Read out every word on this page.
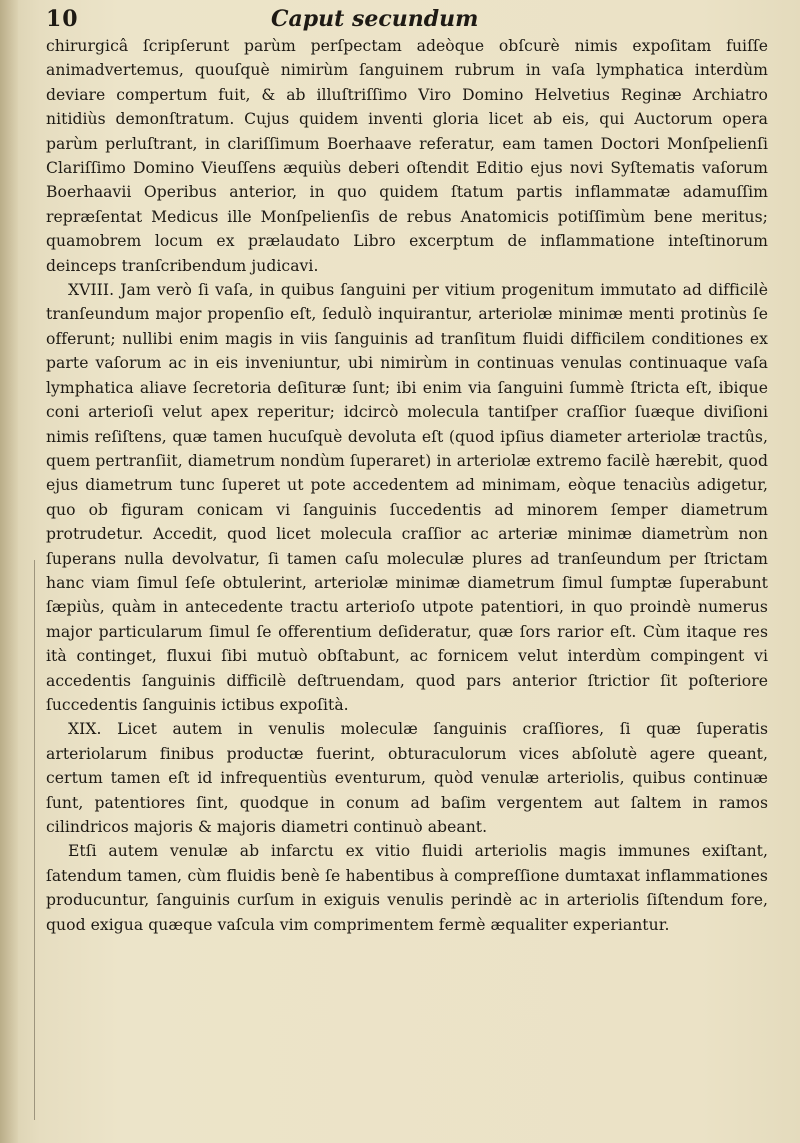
10	Caput secundum

chirurgicâ ſcripſerunt parùm perſpectam adeòque obſcurè nimis expoſitam fuiſſe animadvertemus, quouſquè nimirùm ſanguinem rubrum in vaſa lymphatica interdùm deviare compertum fuit, & ab illuſtriſſimo Viro Domino Helvetius Reginæ Archiatro nitidiùs demonſtratum. Cujus quidem inventi gloria licet ab eis, qui Auctorum opera parùm perluſtrant, in clariſſimum Boerhaave referatur, eam tamen Doctori Monſpelienſi Clariſſimo Domino Vieuſſens æquiùs deberi oſtendit Editio ejus novi Syſtematis vaſorum Boerhaavii Operibus anterior, in quo quidem ſtatum partis inflammatæ adamuſſim repræſentat Medicus ille Monſpelienſis de rebus Anatomicis potiſſimùm bene meritus; quamobrem locum ex prælaudato Libro excerptum de inflammatione inteſtinorum deinceps tranſcribendum judicavi.

XVIII. Jam verò ſi vaſa, in quibus ſanguini per vitium progenitum immutato ad difficilè tranſeundum major propenſio eſt, ſedulò inquirantur, arteriolæ minimæ menti protinùs ſe offerunt; nullibi enim magis in viis ſanguinis ad tranſitum fluidi difficilem conditiones ex parte vaſorum ac in eis inveniuntur, ubi nimirùm in continuas venulas continuaque vaſa lymphatica aliave ſecretoria deſituræ ſunt; ibi enim via ſanguini ſummè ſtricta eſt, ibique coni arterioſi velut apex reperitur; idcircò molecula tantiſper craſſior ſuæque diviſioni nimis reſiſtens, quæ tamen hucuſquè devoluta eſt (quod ipſius diameter arteriolæ tractûs, quem pertranſiit, diametrum nondùm ſuperaret) in arteriolæ extremo facilè hærebit, quod ejus diametrum tunc ſuperet ut pote accedentem ad minimam, eòque tenaciùs adigetur, quo ob figuram conicam vi ſanguinis ſuccedentis ad minorem ſemper diametrum protrudetur. Accedit, quod licet molecula craſſior ac arteriæ minimæ diametrùm non ſuperans nulla devolvatur, ſi tamen caſu moleculæ plures ad tranſeundum per ſtrictam hanc viam ſimul ſeſe obtulerint, arteriolæ minimæ diametrum ſimul ſumptæ ſuperabunt ſæpiùs, quàm in antecedente tractu arterioſo utpote patentiori, in quo proindè numerus major particularum ſimul ſe offerentium deſideratur, quæ ſors rarior eſt. Cùm itaque res ità continget, fluxui ſibi mutuò obſtabunt, ac fornicem velut interdùm compingent vi accedentis ſanguinis difficilè deſtruendam, quod pars anterior ſtrictior ſit poſteriore ſuccedentis ſanguinis ictibus expoſità.

XIX. Licet autem in venulis moleculæ ſanguinis craſſiores, ſi quæ ſuperatis arteriolarum finibus productæ fuerint, obturaculorum vices abſolutè agere queant, certum tamen eſt id infrequentiùs eventurum, quòd venulæ arteriolis, quibus continuæ ſunt, patentiores ſint, quodque in conum ad baſim vergentem aut ſaltem in ramos cilindricos majoris & majoris diametri continuò abeant.

Etſi autem venulæ ab infarctu ex vitio fluidi arteriolis magis immunes exiſtant, ſatendum tamen, cùm fluidis benè ſe habentibus à compreſſione dumtaxat inflammationes producuntur, ſanguinis curſum in exiguis venulis perindè ac in arteriolis ſiſtendum fore, quod exigua quæque vaſcula vim comprimentem fermè æqualiter experiantur.
